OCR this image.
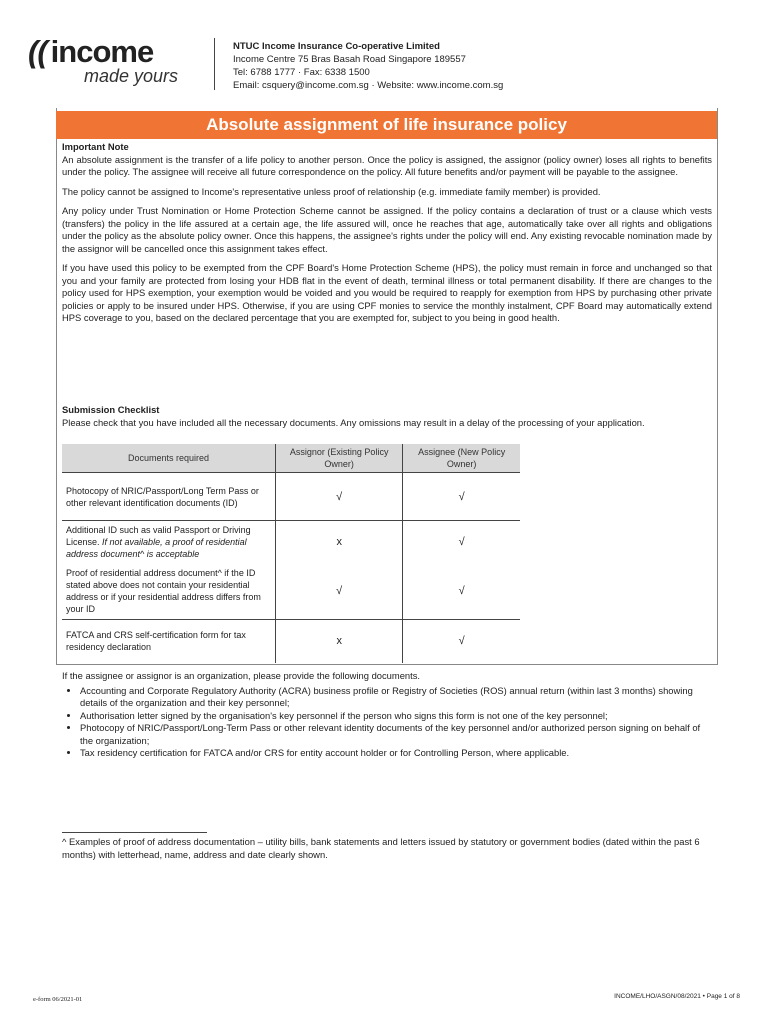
(( income
made yours
NTUC Income Insurance Co-operative Limited
Income Centre 75 Bras Basah Road Singapore 189557
Tel: 6788 1777 · Fax: 6338 1500
Email: csquery@income.com.sg · Website: www.income.com.sg
Absolute assignment of life insurance policy
Important Note

An absolute assignment is the transfer of a life policy to another person. Once the policy is assigned, the assignor (policy owner) loses all rights to benefits under the policy. The assignee will receive all future correspondence on the policy. All future benefits and/or payment will be payable to the assignee.

The policy cannot be assigned to Income's representative unless proof of relationship (e.g. immediate family member) is provided.

Any policy under Trust Nomination or Home Protection Scheme cannot be assigned. If the policy contains a declaration of trust or a clause which vests (transfers) the policy in the life assured at a certain age, the life assured will, once he reaches that age, automatically take over all rights and obligations under the policy as the absolute policy owner. Once this happens, the assignee's rights under the policy will end. Any existing revocable nomination made by the assignor will be cancelled once this assignment takes effect.

If you have used this policy to be exempted from the CPF Board's Home Protection Scheme (HPS), the policy must remain in force and unchanged so that you and your family are protected from losing your HDB flat in the event of death, terminal illness or total permanent disability. If there are changes to the policy used for HPS exemption, your exemption would be voided and you would be required to reapply for exemption from HPS by purchasing other private policies or apply to be insured under HPS. Otherwise, if you are using CPF monies to service the monthly instalment, CPF Board may automatically extend HPS coverage to you, based on the declared percentage that you are exempted for, subject to you being in good health.

Submission Checklist
Please check that you have included all the necessary documents. Any omissions may result in a delay of the processing of your application.
Documents required	Assignor (Existing Policy Owner)	Assignee (New Policy Owner)
Photocopy of NRIC/Passport/Long Term Pass or other relevant identification documents (ID)	√	√
Additional ID such as valid Passport or Driving License. If not available, a proof of residential address document^ is acceptable	x	√
Proof of residential address document^ if the ID stated above does not contain your residential address or if your residential address differs from your ID	√	√
FATCA and CRS self-certification form for tax residency declaration	x	√
If the assignee or assignor is an organization, please provide the following documents.
• Accounting and Corporate Regulatory Authority (ACRA) business profile or Registry of Societies (ROS) annual return (within last 3 months) showing details of the organization and their key personnel;
• Authorisation letter signed by the organisation's key personnel if the person who signs this form is not one of the key personnel;
• Photocopy of NRIC/Passport/Long-Term Pass or other relevant identity documents of the key personnel and/or authorized person signing on behalf of the organization;
• Tax residency certification for FATCA and/or CRS for entity account holder or for Controlling Person, where applicable.
^ Examples of proof of address documentation – utility bills, bank statements and letters issued by statutory or government bodies (dated within the past 6 months) with letterhead, name, address and date clearly shown.
e-form 06/2021-01	INCOME/LHO/ASGN/08/2021 • Page 1 of 8
